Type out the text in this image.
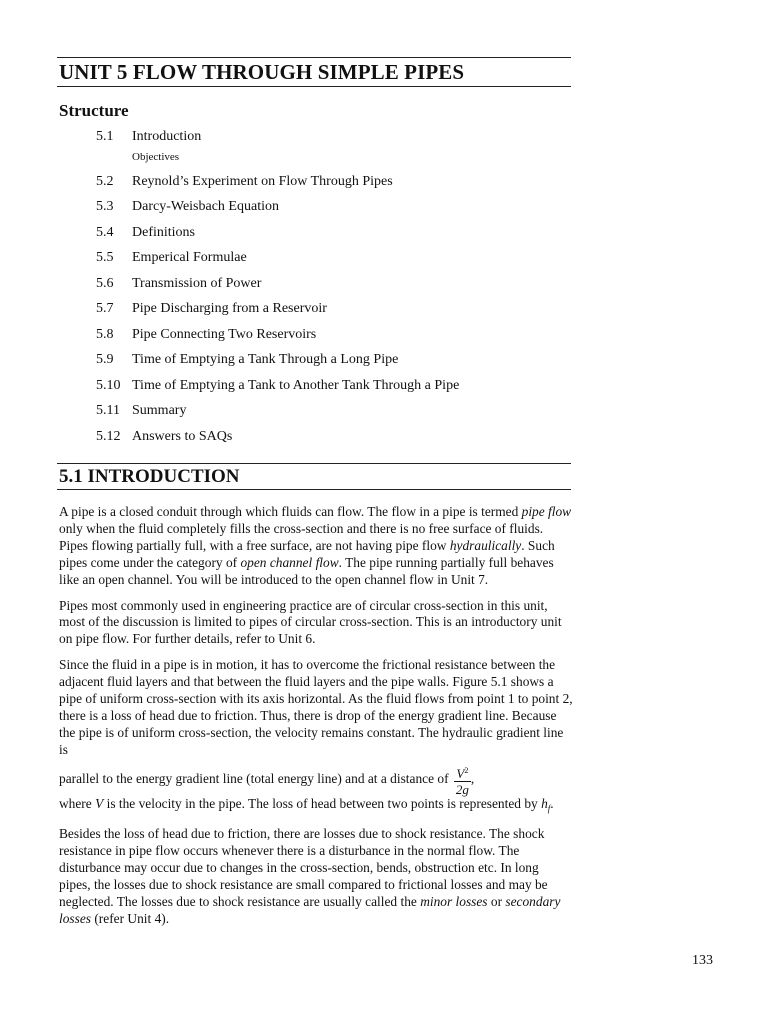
UNIT 5 FLOW THROUGH SIMPLE PIPES
Structure
5.1 Introduction
Objectives
5.2 Reynold’s Experiment on Flow Through Pipes
5.3 Darcy-Weisbach Equation
5.4 Definitions
5.5 Emperical Formulae
5.6 Transmission of Power
5.7 Pipe Discharging from a Reservoir
5.8 Pipe Connecting Two Reservoirs
5.9 Time of Emptying a Tank Through a Long Pipe
5.10 Time of Emptying a Tank to Another Tank Through a Pipe
5.11 Summary
5.12 Answers to SAQs
5.1 INTRODUCTION

A pipe is a closed conduit through which fluids can flow. The flow in a pipe is termed pipe flow only when the fluid completely fills the cross-section and there is no free surface of fluids. Pipes flowing partially full, with a free surface, are not having pipe flow hydraulically. Such pipes come under the category of open channel flow. The pipe running partially full behaves like an open channel. You will be introduced to the open channel flow in Unit 7.

Pipes most commonly used in engineering practice are of circular cross-section in this unit, most of the discussion is limited to pipes of circular cross-section. This is an introductory unit on pipe flow. For further details, refer to Unit 6.

Since the fluid in a pipe is in motion, it has to overcome the frictional resistance between the adjacent fluid layers and that between the fluid layers and the pipe walls. Figure 5.1 shows a pipe of uniform cross-section with its axis horizontal. As the fluid flows from point 1 to point 2, there is a loss of head due to friction. Thus, there is drop of the energy gradient line. Because the pipe is of uniform cross-section, the velocity remains constant. The hydraulic gradient line is

parallel to the energy gradient line (total energy line) and at a distance of $\frac{V^2}{2g}$ ,

where V is the velocity in the pipe. The loss of head between two points is represented by $h_f$.

Besides the loss of head due to friction, there are losses due to shock resistance. The shock resistance in pipe flow occurs whenever there is a disturbance in the normal flow. The disturbance may occur due to changes in the cross-section, bends, obstruction etc. In long pipes, the losses due to shock resistance are small compared to frictional losses and may be neglected. The losses due to shock resistance are usually called the minor losses or secondary losses (refer Unit 4).

133
